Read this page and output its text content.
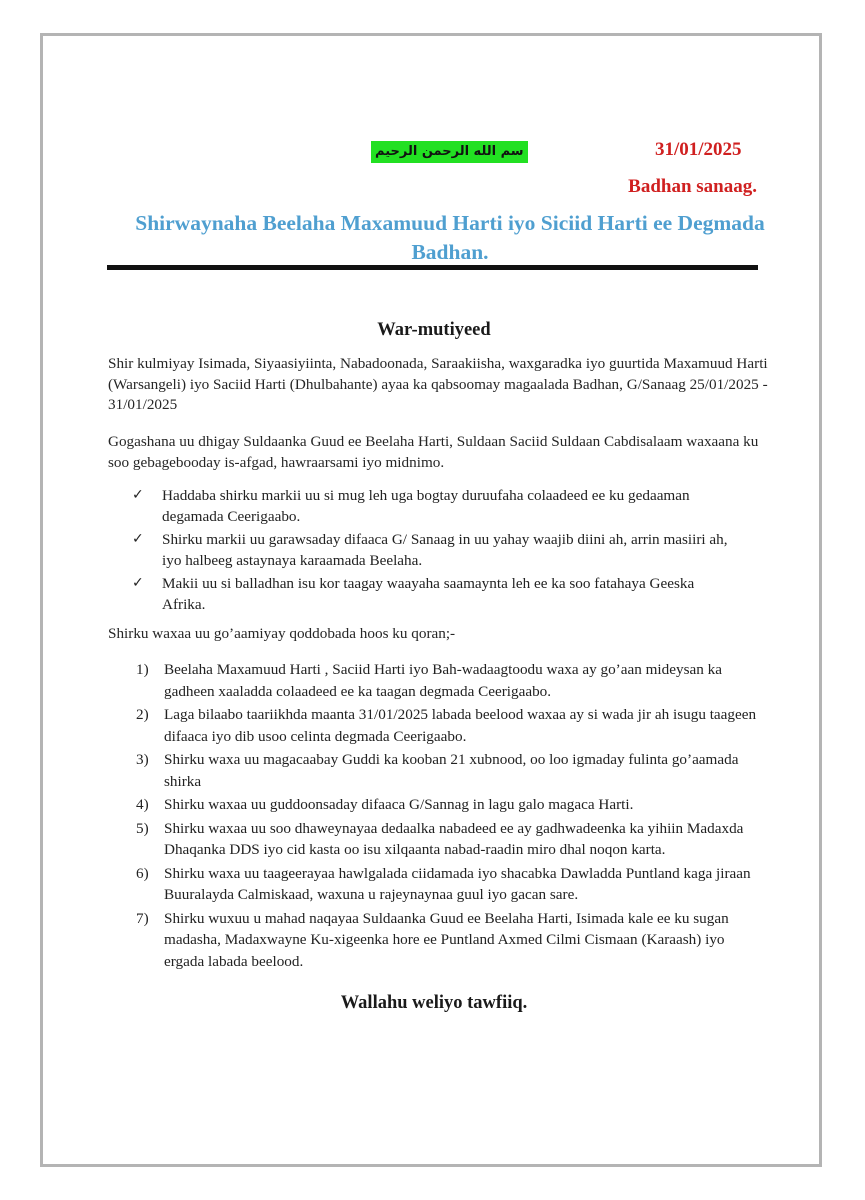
سم الله الرحمن الرحيم	31/01/2025
Badhan sanaag.
Shirwaynaha Beelaha Maxamuud Harti iyo Siciid Harti ee Degmada
Badhan.
War-mutiyeed

Shir kulmiyay Isimada, Siyaasiyiinta, Nabadoonada, Saraakiisha, waxgaradka iyo guurtida Maxamuud Harti (Warsangeli) iyo Saciid Harti (Dhulbahante) ayaa ka qabsoomay magaalada Badhan, G/Sanaag 25/01/2025 - 31/01/2025

Gogashana uu dhigay Suldaanka Guud ee Beelaha Harti, Suldaan Saciid Suldaan Cabdisalaam waxaana ku soo gebagebooday is-afgad, hawraarsami iyo midnimo.

✓ Haddaba shirku markii uu si mug leh uga bogtay duruufaha colaadeed ee ku gedaaman degamada Ceerigaabo.
✓ Shirku markii uu garawsaday difaaca G/ Sanaag in uu yahay waajib diini ah, arrin masiiri ah, iyo halbeeg astaynaya karaamada Beelaha.
✓ Makii uu si balladhan isu kor taagay waayaha saamaynta leh ee ka soo fatahaya Geeska Afrika.

Shirku waxaa uu go’aamiyay qoddobada hoos ku qoran;-

1) Beelaha Maxamuud Harti , Saciid Harti iyo Bah-wadaagtoodu waxa ay go’aan mideysan ka gadheen xaaladda colaadeed ee ka taagan degmada Ceerigaabo.
2) Laga bilaabo taariikhda maanta 31/01/2025 labada beelood waxaa ay si wada jir ah isugu taageen difaaca iyo dib usoo celinta degmada Ceerigaabo.
3) Shirku waxa uu magacaabay Guddi ka kooban 21 xubnood, oo loo igmaday fulinta go’aamada shirka
4) Shirku waxaa uu guddoonsaday difaaca G/Sannag in lagu galo magaca Harti.
5) Shirku waxaa uu soo dhaweynayaa dedaalka nabadeed ee ay gadhwadeenka ka yihiin Madaxda Dhaqanka DDS iyo cid kasta oo isu xilqaanta nabad-raadin miro dhal noqon karta.
6) Shirku waxa uu taageerayaa hawlgalada ciidamada iyo shacabka Dawladda Puntland kaga jiraan Buuralayda Calmiskaad, waxuna u rajeynaynaa guul iyo gacan sare.
7) Shirku wuxuu u mahad naqayaa Suldaanka Guud ee Beelaha Harti, Isimada kale ee ku sugan madasha, Madaxwayne Ku-xigeenka hore ee Puntland Axmed Cilmi Cismaan (Karaash) iyo ergada labada beelood.
Wallahu weliyo tawfiiq.
